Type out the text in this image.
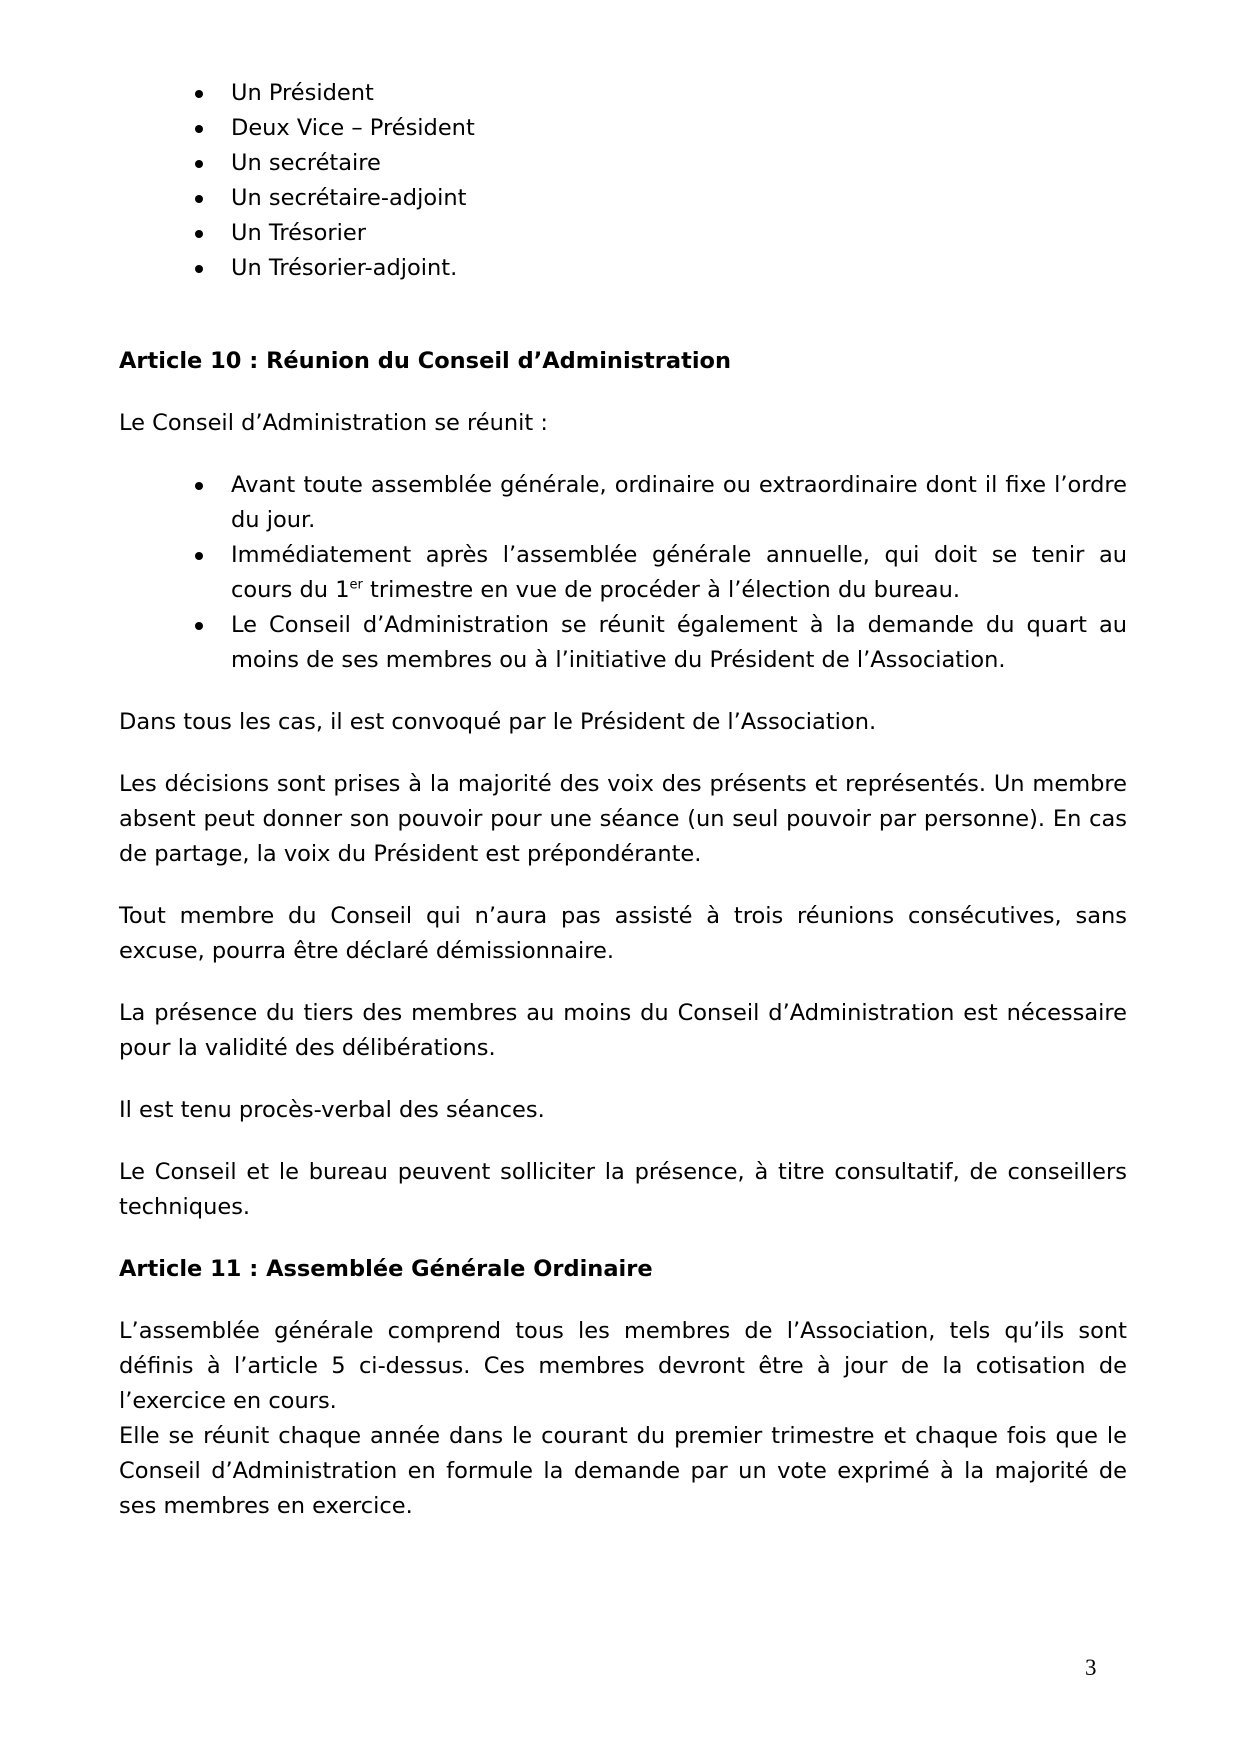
Un Président
Deux Vice – Président
Un secrétaire
Un secrétaire-adjoint
Un Trésorier
Un Trésorier-adjoint.

Article 10 : Réunion du Conseil d’Administration

Le Conseil d’Administration se réunit :

Avant toute assemblée générale, ordinaire ou extraordinaire dont il fixe l’ordre du jour.
Immédiatement après l’assemblée générale annuelle, qui doit se tenir au cours du 1er trimestre en vue de procéder à l’élection du bureau.
Le Conseil d’Administration se réunit également à la demande du quart au moins de ses membres ou à l’initiative du Président de l’Association.

Dans tous les cas, il est convoqué par le Président de l’Association.

Les décisions sont prises à la majorité des voix des présents et représentés. Un membre absent peut donner son pouvoir pour une séance (un seul pouvoir par personne). En cas de partage, la voix du Président est prépondérante.

Tout membre du Conseil qui n’aura pas assisté à trois réunions consécutives, sans excuse, pourra être déclaré démissionnaire.

La présence du tiers des membres au moins du Conseil d’Administration est nécessaire pour la validité des délibérations.

Il est tenu procès-verbal des séances.

Le Conseil et le bureau peuvent solliciter la présence, à titre consultatif, de conseillers techniques.

Article 11 : Assemblée Générale Ordinaire

L’assemblée générale comprend tous les membres de l’Association, tels qu’ils sont définis à l’article 5 ci-dessus. Ces membres devront être à jour de la cotisation de l’exercice en cours.

Elle se réunit chaque année dans le courant du premier trimestre et chaque fois que le Conseil d’Administration en formule la demande par un vote exprimé à la majorité de ses membres en exercice.

3
